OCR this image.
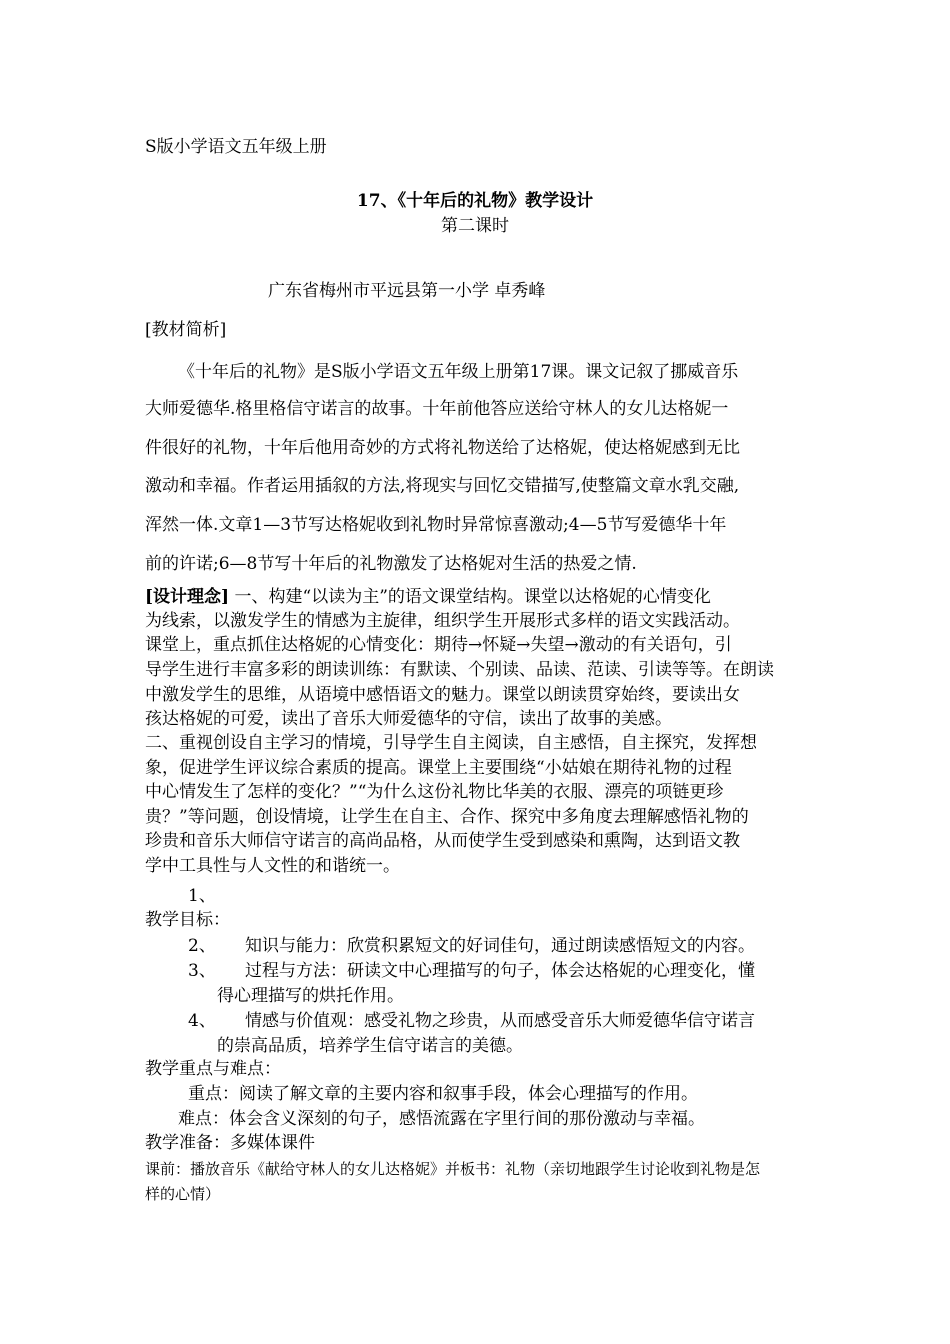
S版小学语文五年级上册
17、《十年后的礼物》教学设计
第二课时
广东省梅州市平远县第一小学 卓秀峰
[教材简析]
《十年后的礼物》是S版小学语文五年级上册第17课。课文记叙了挪威音乐
大师爱德华.格里格信守诺言的故事。十年前他答应送给守林人的女儿达格妮一
件很好的礼物，十年后他用奇妙的方式将礼物送给了达格妮，使达格妮感到无比
激动和幸福。作者运用插叙的方法,将现实与回忆交错描写,使整篇文章水乳交融,
浑然一体.文章1—3节写达格妮收到礼物时异常惊喜激动;4—5节写爱德华十年
前的许诺;6—8节写十年后的礼物激发了达格妮对生活的热爱之情.
[设计理念] 一、构建“以读为主”的语文课堂结构。课堂以达格妮的心情变化
为线索，以激发学生的情感为主旋律，组织学生开展形式多样的语文实践活动。
课堂上，重点抓住达格妮的心情变化：期待→怀疑→失望→激动的有关语句，引
导学生进行丰富多彩的朗读训练：有默读、个别读、品读、范读、引读等等。在朗读
中激发学生的思维，从语境中感悟语文的魅力。课堂以朗读贯穿始终，要读出女
孩达格妮的可爱，读出了音乐大师爱德华的守信，读出了故事的美感。
二、重视创设自主学习的情境，引导学生自主阅读，自主感悟，自主探究，发挥想
象，促进学生评议综合素质的提高。课堂上主要围绕“小姑娘在期待礼物的过程
中心情发生了怎样的变化？”“为什么这份礼物比华美的衣服、漂亮的项链更珍
贵？”等问题，创设情境，让学生在自主、合作、探究中多角度去理解感悟礼物的
珍贵和音乐大师信守诺言的高尚品格，从而使学生受到感染和熏陶，达到语文教
学中工具性与人文性的和谐统一。
1、
教学目标：
2、 知识与能力：欣赏积累短文的好词佳句，通过朗读感悟短文的内容。
3、 过程与方法：研读文中心理描写的句子，体会达格妮的心理变化，懂
得心理描写的烘托作用。
4、 情感与价值观：感受礼物之珍贵，从而感受音乐大师爱德华信守诺言
的崇高品质，培养学生信守诺言的美德。
教学重点与难点：
重点：阅读了解文章的主要内容和叙事手段，体会心理描写的作用。
难点：体会含义深刻的句子，感悟流露在字里行间的那份激动与幸福。
教学准备：多媒体课件
课前：播放音乐《献给守林人的女儿达格妮》并板书：礼物（亲切地跟学生讨论收到礼物是怎
样的心情）
